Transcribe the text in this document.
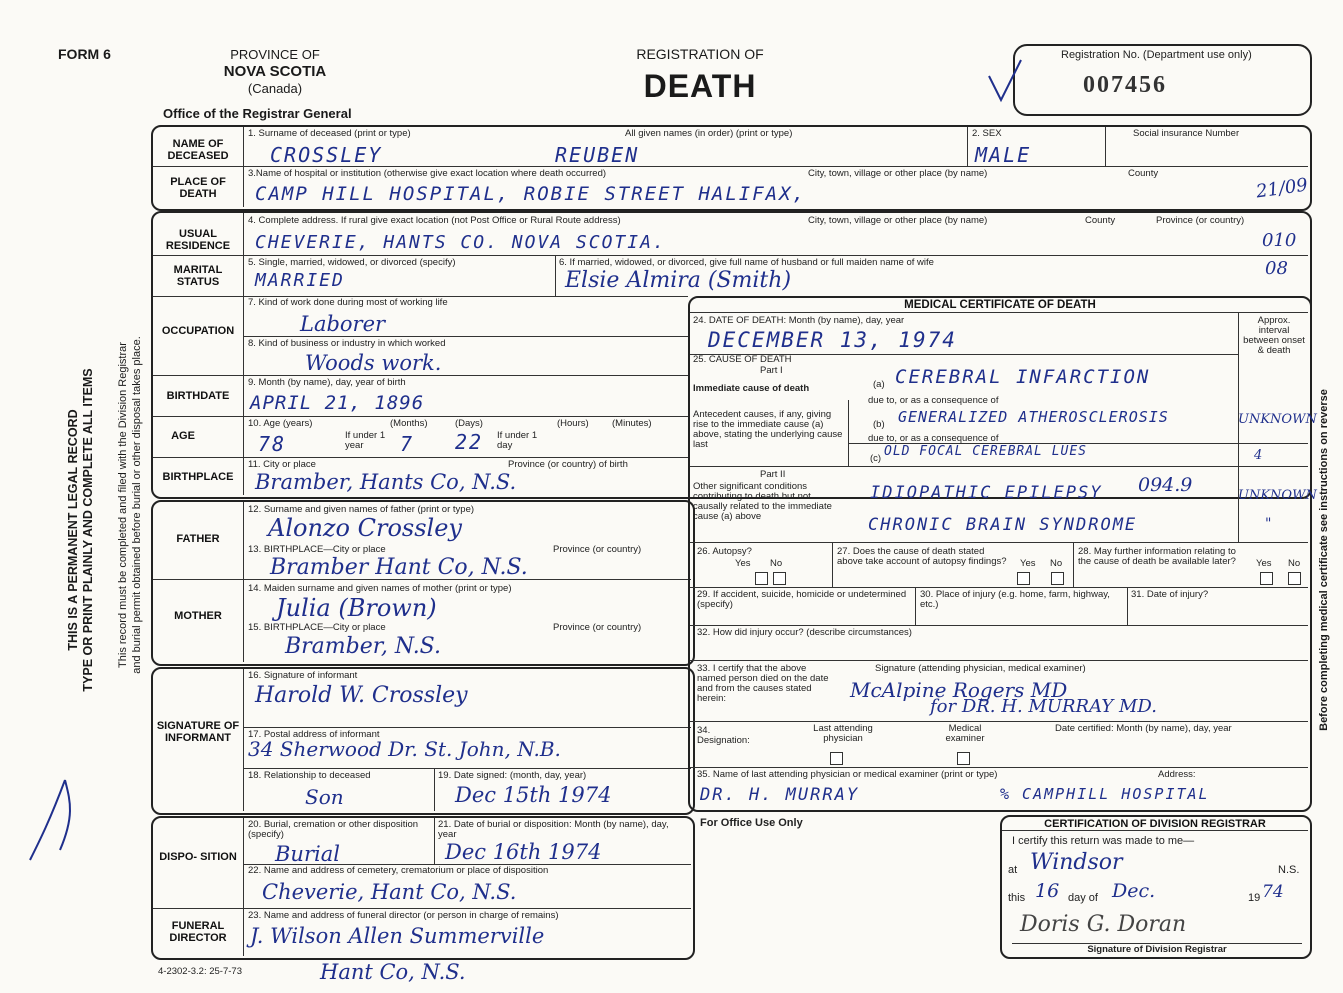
FORM 6	PROVINCE OF
NOVA SCOTIA
(Canada)
Office of the Registrar General
REGISTRATION OF
DEATH
Registration No. (Department use only)
007456
THIS IS A PERMANENT LEGAL RECORD TYPE OR PRINT PLAINLY AND COMPLETE ALL ITEMS This record must be completed and filed with the Division Registrar and burial permit obtained before burial or other disposal takes place.	Before completing medical certificate see instructions on reverse
NAME OF DECEASED
PLACE OF DEATH
1. Surname of deceased (print or type)	All given names (in order) (print or type)	2. SEX	Social insurance Number
CROSSLEY	REUBEN	MALE
3.Name of hospital or institution (otherwise give exact location where death occurred)	City, town, village or other place (by name)	County
CAMP HILL HOSPITAL, ROBIE STREET HALIFAX,	21/09
USUAL RESIDENCE
MARITAL STATUS
OCCUPATION
BIRTHDATE
AGE
BIRTHPLACE
4. Complete address. If rural give exact location (not Post Office or Rural Route address)	City, town, village or other place (by name)	County	Province (or country)
CHEVERIE, HANTS CO. NOVA SCOTIA.	010
5. Single, married, widowed, or divorced (specify)	6. If married, widowed, or divorced, give full name of husband or full maiden name of wife
MARRIED	Elsie Almira (Smith)	08
7. Kind of work done during most of working life
Laborer
8. Kind of business or industry in which worked
Woods work.
9. Month (by name), day, year of birth
APRIL 21, 1896
10. Age (years)	(Months)	(Days)	(Hours) (Minutes)
If under 1 year
If under 1 day
78	7 22
11. City or place	Province (or country) of birth
Bramber, Hants Co, N.S.
FATHER
MOTHER
12. Surname and given names of father (print or type)
Alonzo Crossley
13. BIRTHPLACE—City or place	Province (or country)
Bramber Hant Co, N.S.
14. Maiden surname and given names of mother (print or type)
Julia (Brown)
15. BIRTHPLACE—City or place	Province (or country)
Bramber, N.S.
SIGNATURE OF INFORMANT
16. Signature of informant
Harold W. Crossley
17. Postal address of informant
34 Sherwood Dr. St. John, N.B.
18. Relationship to deceased
Son
19. Date signed: (month, day, year)
Dec 15th 1974
DISPO- SITION
FUNERAL DIRECTOR
20. Burial, cremation or other disposition (specify)
Burial
21. Date of burial or disposition: Month (by name), day, year
Dec 16th 1974
22. Name and address of cemetery, crematorium or place of disposition
Cheverie, Hant Co, N.S.
23. Name and address of funeral director (or person in charge of remains)
J. Wilson Allen Summerville
Hant Co, N.S.
4-2302-3.2: 25-7-73
MEDICAL CERTIFICATE OF DEATH
24. DATE OF DEATH: Month (by name), day, year	Approx. interval between onset & death
DECEMBER 13, 1974
25. CAUSE OF DEATH
Part I
Immediate cause of death	(a) CEREBRAL INFARCTION
due to, or as a consequence of
Antecedent causes, if any, giving rise to the immediate cause (a) above, stating the underlying cause last
(b) GENERALIZED ATHEROSCLEROSIS	UNKNOWN
due to, or as a consequence of
(c) OLD FOCAL CEREBRAL LUES	4
Part II
Other significant conditions contributing to death but not causally related to the immediate cause (a) above
IDIOPATHIC EPILEPSY 094.9	UNKNOWN
CHRONIC BRAIN SYNDROME	"
26. Autopsy?
Yes No
27. Does the cause of death stated above take account of autopsy findings? Yes No
28. May further information relating to the cause of death be available later?	Yes No
29. If accident, suicide, homicide or undetermined (specify)
30. Place of injury (e.g. home, farm, highway, etc.)
31. Date of injury?
32. How did injury occur? (describe circumstances)
33. I certify that the above named person died on the date and from the causes stated herein:
Signature (attending physician, medical examiner)
McAlpine Rogers MD
for DR. H. MURRAY MD.
34. Designation:
Last attending physician
Medical examiner
Date certified: Month (by name), day, year
35. Name of last attending physician or medical examiner (print or type)	Address:
DR. H. MURRAY	% CAMPHILL HOSPITAL
For Office Use Only	CERTIFICATION OF DIVISION REGISTRAR
I certify this return was made to me—
at Windsor	N.S.
this 16 day of Dec.	19 74
Doris G. Doran
Signature of Division Registrar
